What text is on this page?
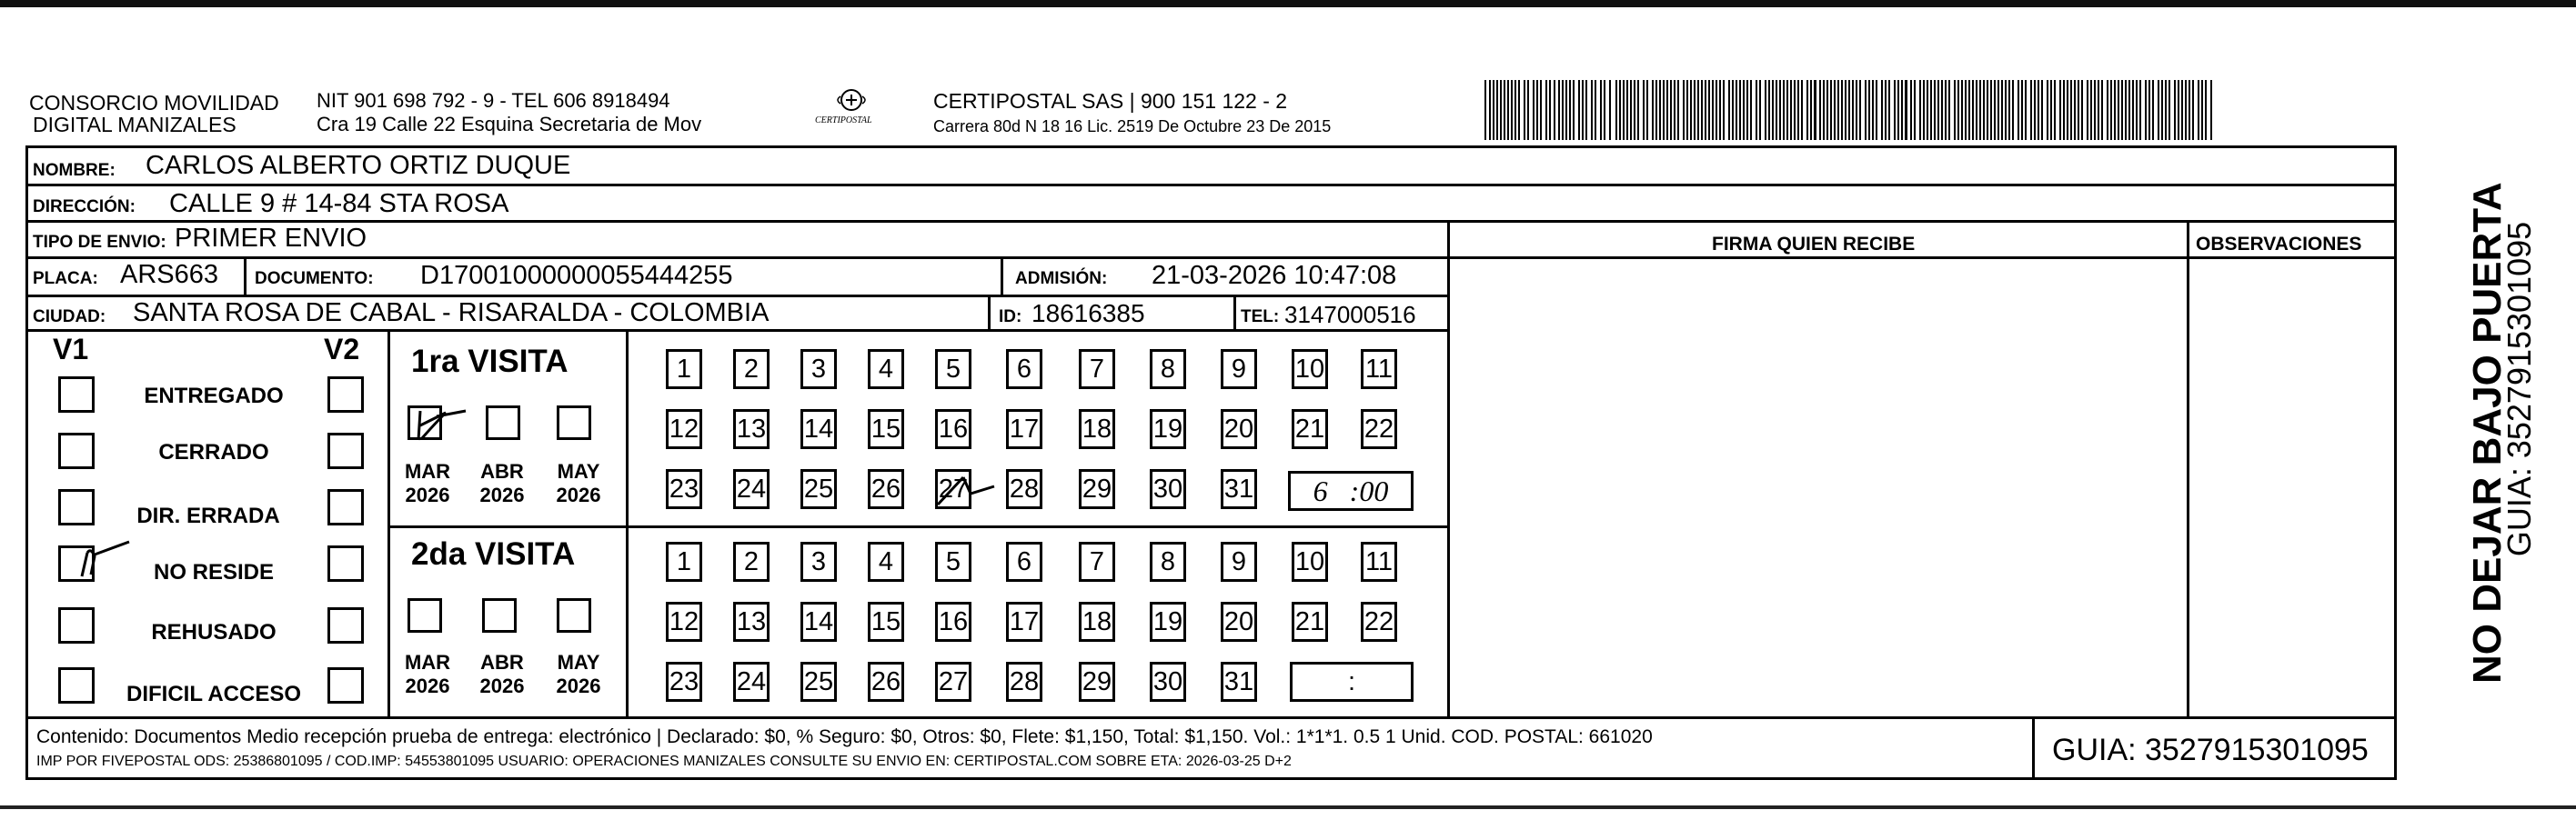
CONSORCIO MOVILIDAD
DIGITAL MANIZALES
NIT 901 698 792 - 9 - TEL 606 8918494
Cra 19 Calle 22 Esquina Secretaria de Mov	CERTIPOSTAL
CERTIPOSTAL SAS | 900 151 122 - 2
Carrera 80d N 18 16 Lic. 2519 De Octubre 23 De 2015
NOMBRE: CARLOS ALBERTO ORTIZ DUQUE
DIRECCIÓN: CALLE 9 # 14-84 STA ROSA
TIPO DE ENVIO: PRIMER ENVIO	FIRMA QUIEN RECIBE	OBSERVACIONES
PLACA: ARS663 DOCUMENTO: D17001000000055444255	ADMISIÓN: 21-03-2026 10:47:08
CIUDAD: SANTA ROSA DE CABAL - RISARALDA - COLOMBIA	ID: 18616385	TEL: 3147000516
V1	V2
ENTREGADO
CERRADO
DIR. ERRADA
NO RESIDE
REHUSADO
DIFICIL ACCESO
1ra VISITA
MAR
2026
ABR
2026
MAY
2026
1 2 3 4 5 6 7 8 9 10 11
12 13 14 15 16 17 18 19 20 21 22
23 24 25 26 27 28 29 30 31 6 :00
2da VISITA
MAR
2026
ABR
2026
MAY
2026
1 2 3 4 5 6 7 8 9 10 11
12 13 14 15 16 17 18 19 20 21 22
23 24 25 26 27 28 29 30 31	:
Contenido: Documentos Medio recepción prueba de entrega: electrónico | Declarado: $0, % Seguro: $0, Otros: $0, Flete: $1,150, Total: $1,150. Vol.: 1*1*1. 0.5 1 Unid. COD. POSTAL: 661020
IMP POR FIVEPOSTAL ODS: 25386801095 / COD.IMP: 54553801095 USUARIO: OPERACIONES MANIZALES CONSULTE SU ENVIO EN: CERTIPOSTAL.COM SOBRE ETA: 2026-03-25 D+2	GUIA: 3527915301095
NO DEJAR BAJO PUERTA
GUIA: 3527915301095
